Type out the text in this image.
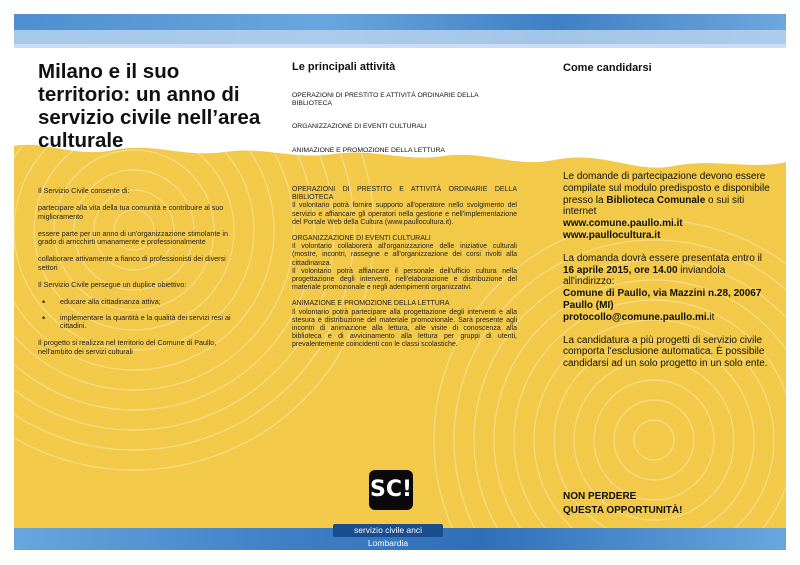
Milano e il suo territorio: un anno di servizio civile nell’area culturale

Il Servizio Civile consente di:

partecipare alla vita della tua comunità e contribuire al suo miglioramento

essere parte per un anno di un'organizzazione stimolante in grado di arricchirti umanamente e professionalmente

collaborare attivamente a fianco di professionisti dei diversi settori

Il Servizio Civile persegue un duplice obiettivo:

• educare alla cittadinanza attiva;
• implementare la quantità e la qualità dei servizi resi ai cittadini.

Il progetto si realizza nel territorio del Comune di Paullo, nell'ambito dei servizi culturali

Le principali attività

OPERAZIONI DI PRESTITO E ATTIVITÀ ORDINARIE DELLA BIBLIOTECA

ORGANIZZAZIONE DI EVENTI CULTURALI

ANIMAZIONE E PROMOZIONE DELLA LETTURA

OPERAZIONI DI PRESTITO E ATTIVITÀ ORDINARIE DELLA BIBLIOTECA

Il volontario potrà fornire supporto all'operatore nello svolgimento del servizio e affiancare gli operatori nella gestione e nell'implementazione del Portale Web della Cultura (www.paullocultura.it).

ORGANIZZAZIONE DI EVENTI CULTURALI

Il volontario collaborerà all'organizzazione delle iniziative culturali (mostre, incontri, rassegne e all'organizzazione dei corsi rivolti alla cittadinanza.

Il volontario potrà affiancare il personale dell'ufficio cultura nella progettazione degli interventi, nell'elaborazione e distribuzione del materiale promozionale e negli adempimenti organizzativi.

ANIMAZIONE E PROMOZIONE DELLA LETTURA

Il volontario potrà partecipare alla progettazione degli interventi e alla stesura e distribuzione del materiale promozionale. Sarà presente agli incontri di animazione alla lettura, alle visite di conoscenza alla biblioteca e di avvicinamento alla lettura per gruppi di utenti, prevalentemente coincidenti con le classi scolastiche.

Come candidarsi

Le domande di partecipazione devono essere compilate sul modulo predisposto e disponibile presso la Biblioteca Comunale o sui siti internet
www.comune.paullo.mi.it
www.paullocultura.it

La domanda dovrà essere presentata entro il 16 aprile 2015, ore 14.00 inviandola all'indirizzo:
Comune di Paullo, via Mazzini n.28, 20067 Paullo (MI)
protocollo@comune.paullo.mi.it

La candidatura a più progetti di servizio civile comporta l'esclusione automatica. È possibile candidarsi ad un solo progetto in un solo ente.

NON PERDERE
QUESTA OPPORTUNITÀ!

SC!
servizio civile anci Lombardia
